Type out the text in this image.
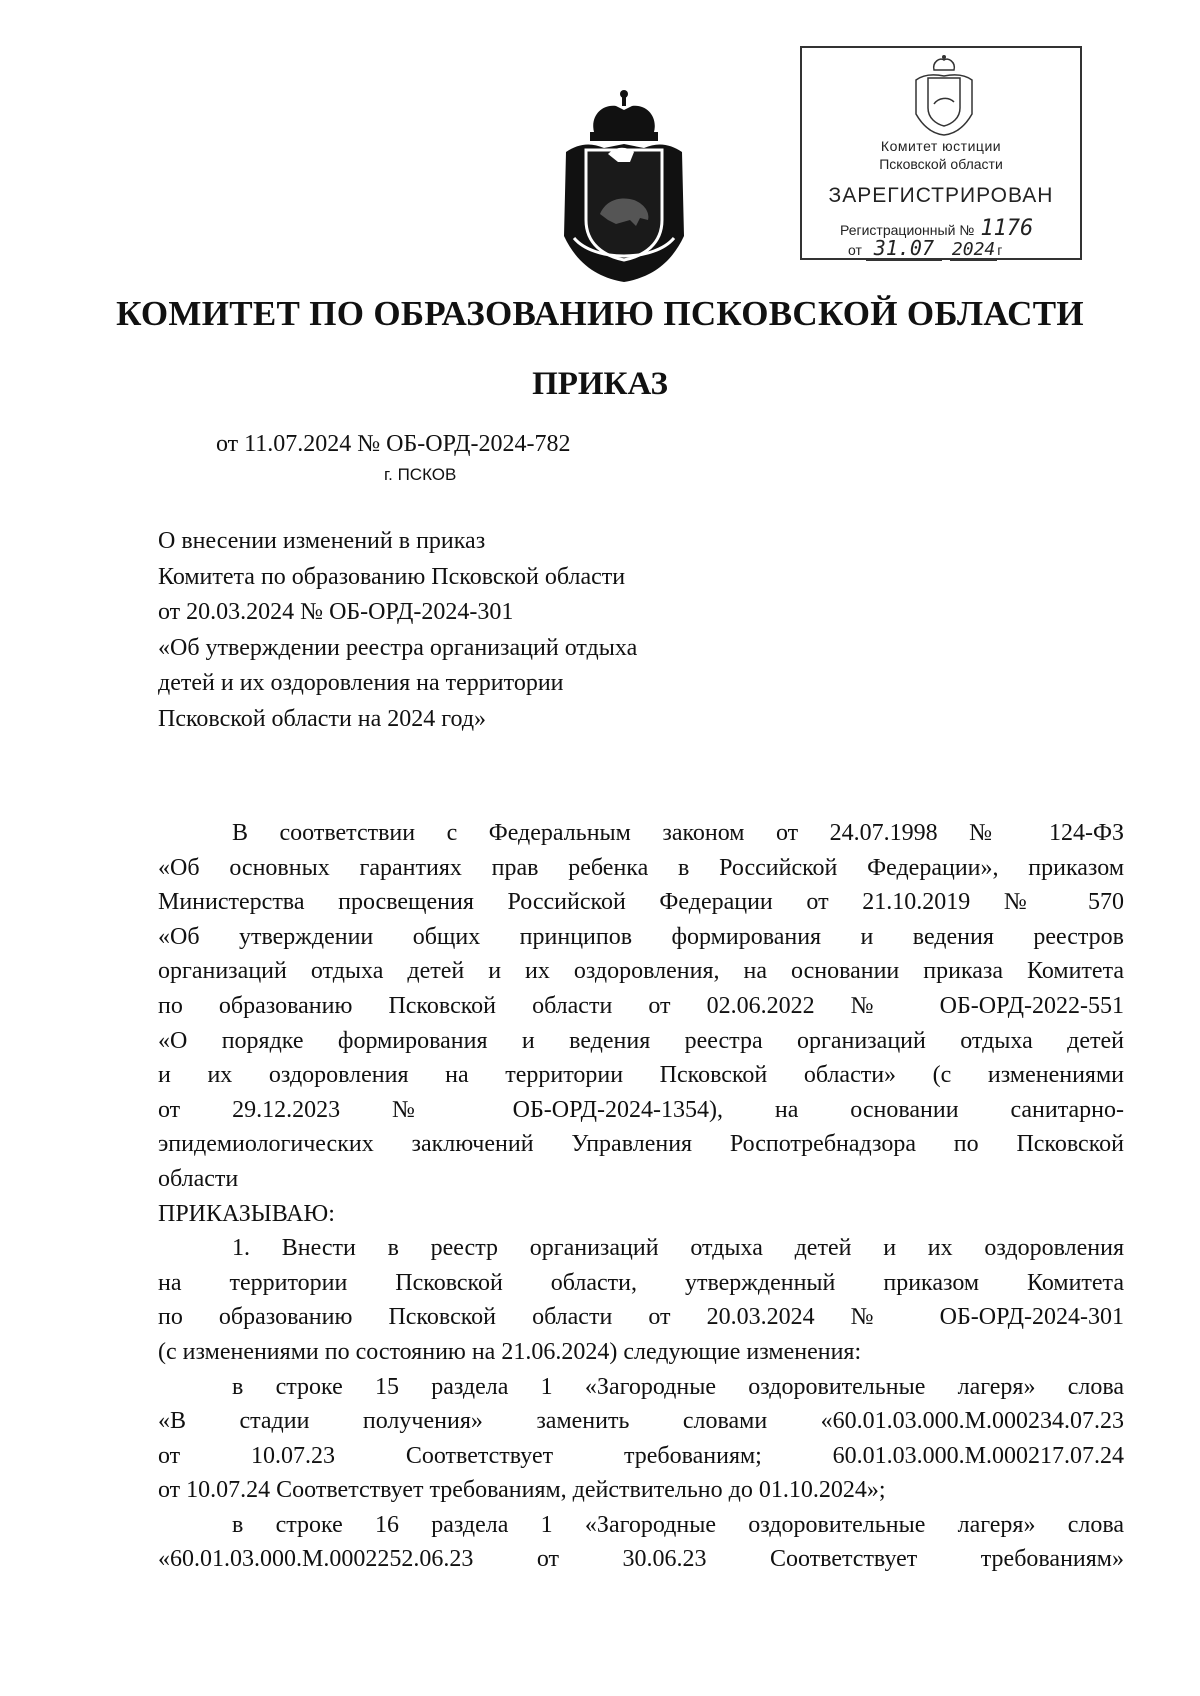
Комитет юстиции
Псковской области
ЗАРЕГИСТРИРОВАН
Регистрационный № 1176
от 31.07 2024 г
КОМИТЕТ ПО ОБРАЗОВАНИЮ ПСКОВСКОЙ ОБЛАСТИ
ПРИКАЗ
от 11.07.2024 № ОБ-ОРД-2024-782
г. ПСКОВ
О внесении изменений в приказ
Комитета по образованию Псковской области
от 20.03.2024 № ОБ-ОРД-2024-301
«Об утверждении реестра организаций отдыха
детей и их оздоровления на территории
Псковской области на 2024 год»

В соответствии с Федеральным законом от 24.07.1998 № 124-ФЗ

«Об основных гарантиях прав ребенка в Российской Федерации», приказом

Министерства просвещения Российской Федерации от 21.10.2019 № 570

«Об утверждении общих принципов формирования и ведения реестров

организаций отдыха детей и их оздоровления, на основании приказа Комитета

по образованию Псковской области от 02.06.2022 № ОБ-ОРД-2022-551

«О порядке формирования и ведения реестра организаций отдыха детей

и их оздоровления на территории Псковской области» (с изменениями

от 29.12.2023 № ОБ-ОРД-2024-1354), на основании санитарно-

эпидемиологических заключений Управления Роспотребнадзора по Псковской

области

ПРИКАЗЫВАЮ:

1. Внести в реестр организаций отдыха детей и их оздоровления

на территории Псковской области, утвержденный приказом Комитета

по образованию Псковской области от 20.03.2024 № ОБ-ОРД-2024-301

(с изменениями по состоянию на 21.06.2024) следующие изменения:

в строке 15 раздела 1 «Загородные оздоровительные лагеря» слова

«В стадии получения» заменить словами «60.01.03.000.М.000234.07.23

от 10.07.23 Соответствует требованиям; 60.01.03.000.М.000217.07.24

от 10.07.24 Соответствует требованиям, действительно до 01.10.2024»;

в строке 16 раздела 1 «Загородные оздоровительные лагеря» слова

«60.01.03.000.М.0002252.06.23 от 30.06.23 Соответствует требованиям»
